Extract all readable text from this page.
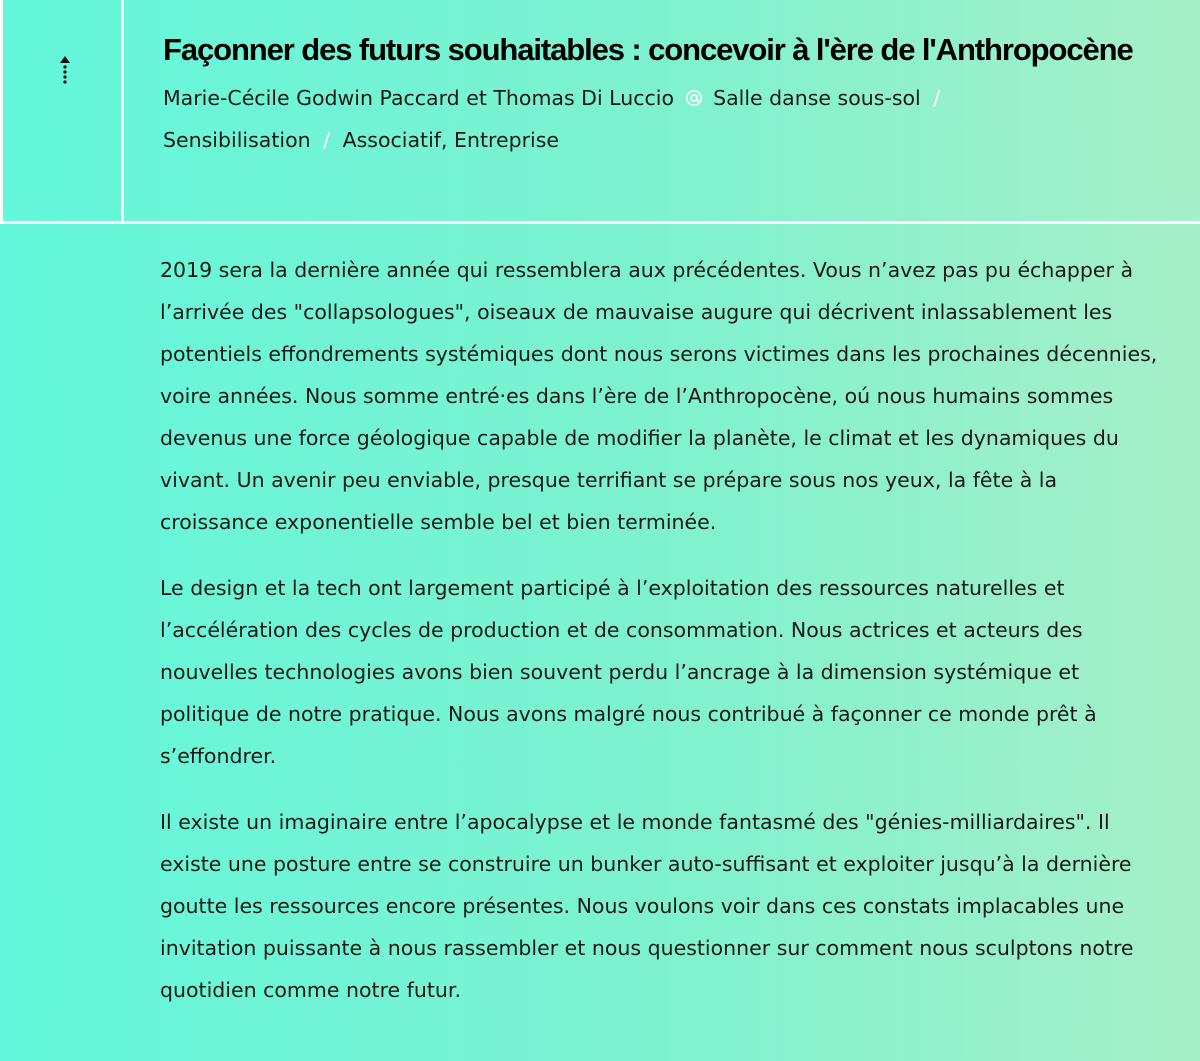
Façonner des futurs souhaitables : concevoir à l'ère de l'Anthropocène
Marie-Cécile Godwin Paccard et Thomas Di Luccio Salle danse sous-sol /
Sensibilisation / Associatif, Entreprise

2019 sera la dernière année qui ressemblera aux précédentes. Vous n’avez pas pu échapper à l’arrivée des "collapsologues", oiseaux de mauvaise augure qui décrivent inlassablement les potentiels effondrements systémiques dont nous serons victimes dans les prochaines décennies, voire années. Nous somme entré·es dans l’ère de l’Anthropocène, oú nous humains sommes devenus une force géologique capable de modifier la planète, le climat et les dynamiques du vivant. Un avenir peu enviable, presque terrifiant se prépare sous nos yeux, la fête à la croissance exponentielle semble bel et bien terminée.

Le design et la tech ont largement participé à l’exploitation des ressources naturelles et l’accélération des cycles de production et de consommation. Nous actrices et acteurs des nouvelles technologies avons bien souvent perdu l’ancrage à la dimension systémique et politique de notre pratique. Nous avons malgré nous contribué à façonner ce monde prêt à s’effondrer.

Il existe un imaginaire entre l’apocalypse et le monde fantasmé des "génies-milliardaires". Il existe une posture entre se construire un bunker auto-suffisant et exploiter jusqu’à la dernière goutte les ressources encore présentes. Nous voulons voir dans ces constats implacables une invitation puissante à nous rassembler et nous questionner sur comment nous sculptons notre quotidien comme notre futur.
